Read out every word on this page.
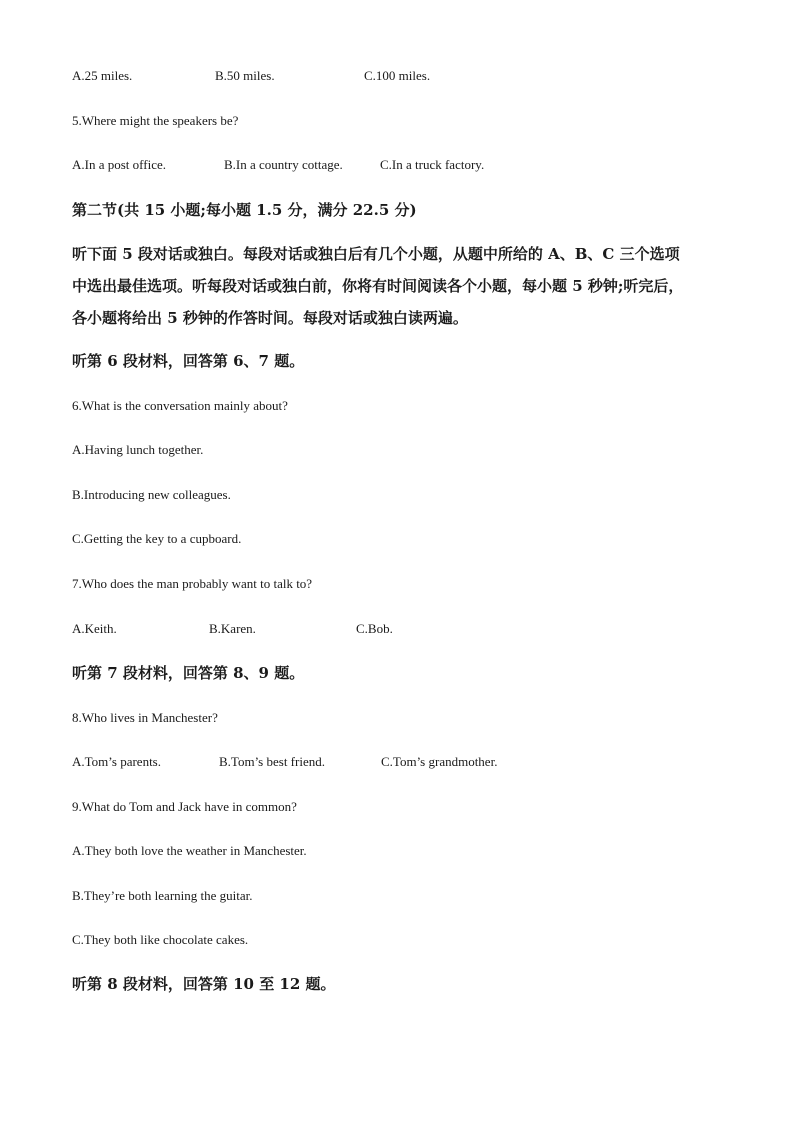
A.25 miles.	B.50 miles.	C.100 miles.
5.Where might the speakers be?
A.In a post office.	B.In a country cottage.	C.In a truck factory.
第二节(共 15 小题;每小题 1.5 分，满分 22.5 分)
听下面 5 段对话或独白。每段对话或独白后有几个小题，从题中所给的 A、B、C 三个选项
中选出最佳选项。听每段对话或独白前，你将有时间阅读各个小题，每小题 5 秒钟;听完后，
各小题将给出 5 秒钟的作答时间。每段对话或独白读两遍。
听第 6 段材料，回答第 6、7 题。
6.What is the conversation mainly about?
A.Having lunch together.
B.Introducing new colleagues.
C.Getting the key to a cupboard.
7.Who does the man probably want to talk to?
A.Keith.	B.Karen.	C.Bob.
听第 7 段材料，回答第 8、9 题。
8.Who lives in Manchester?
A.Tom’s parents.	B.Tom’s best friend.	C.Tom’s grandmother.
9.What do Tom and Jack have in common?
A.They both love the weather in Manchester.
B.They’re both learning the guitar.
C.They both like chocolate cakes.
听第 8 段材料，回答第 10 至 12 题。
